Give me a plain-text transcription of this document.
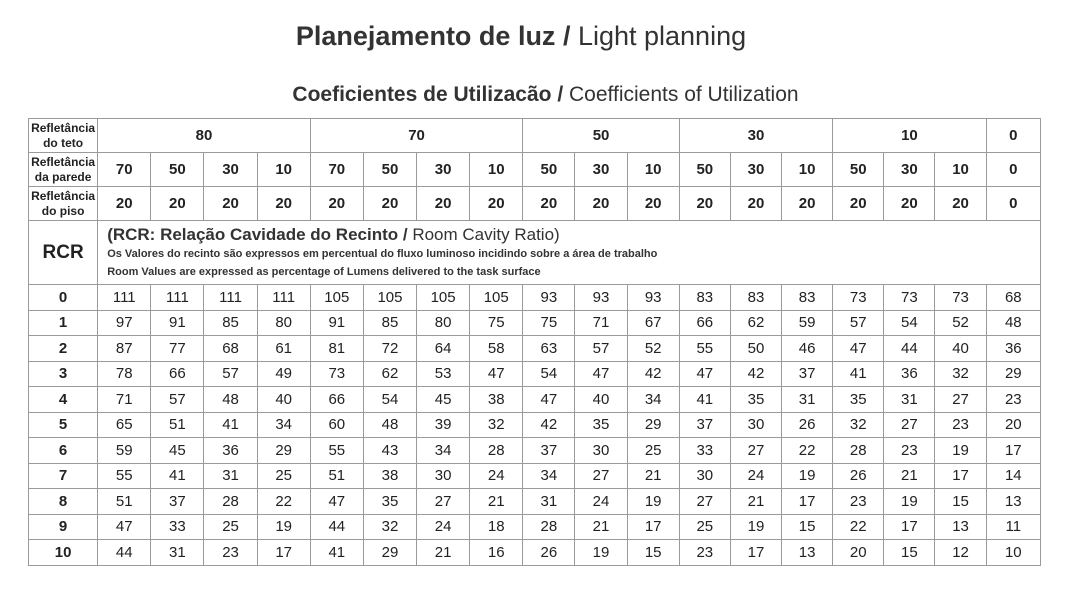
Planejamento de luz / Light planning
Coeficientes de Utilizacão / Coefficients of Utilization
Refletância
do teto	80				70				50			30			10			0
Refletância
da parede	70	50	30	10	70	50	30	10	50	30	10	50	30	10	50	30	10	0
Refletância
do piso	20	20	20	20	20	20	20	20	20	20	20	20	20	20	20	20	20	0
RCR	(RCR: Relação Cavidade do Recinto / Room Cavity Ratio)
Os Valores do recinto são expressos em percentual do fluxo luminoso incidindo sobre a área de trabalho
Room Values are expressed as percentage of Lumens delivered to the task surface																	

0	111	111	111	111	105	105	105	105	93	93	93	83	83	83	73	73	73	68
1	97	91	85	80	91	85	80	75	75	71	67	66	62	59	57	54	52	48
2	87	77	68	61	81	72	64	58	63	57	52	55	50	46	47	44	40	36
3	78	66	57	49	73	62	53	47	54	47	42	47	42	37	41	36	32	29
4	71	57	48	40	66	54	45	38	47	40	34	41	35	31	35	31	27	23
5	65	51	41	34	60	48	39	32	42	35	29	37	30	26	32	27	23	20
6	59	45	36	29	55	43	34	28	37	30	25	33	27	22	28	23	19	17
7	55	41	31	25	51	38	30	24	34	27	21	30	24	19	26	21	17	14
8	51	37	28	22	47	35	27	21	31	24	19	27	21	17	23	19	15	13
9	47	33	25	19	44	32	24	18	28	21	17	25	19	15	22	17	13	11
10	44	31	23	17	41	29	21	16	26	19	15	23	17	13	20	15	12	10
